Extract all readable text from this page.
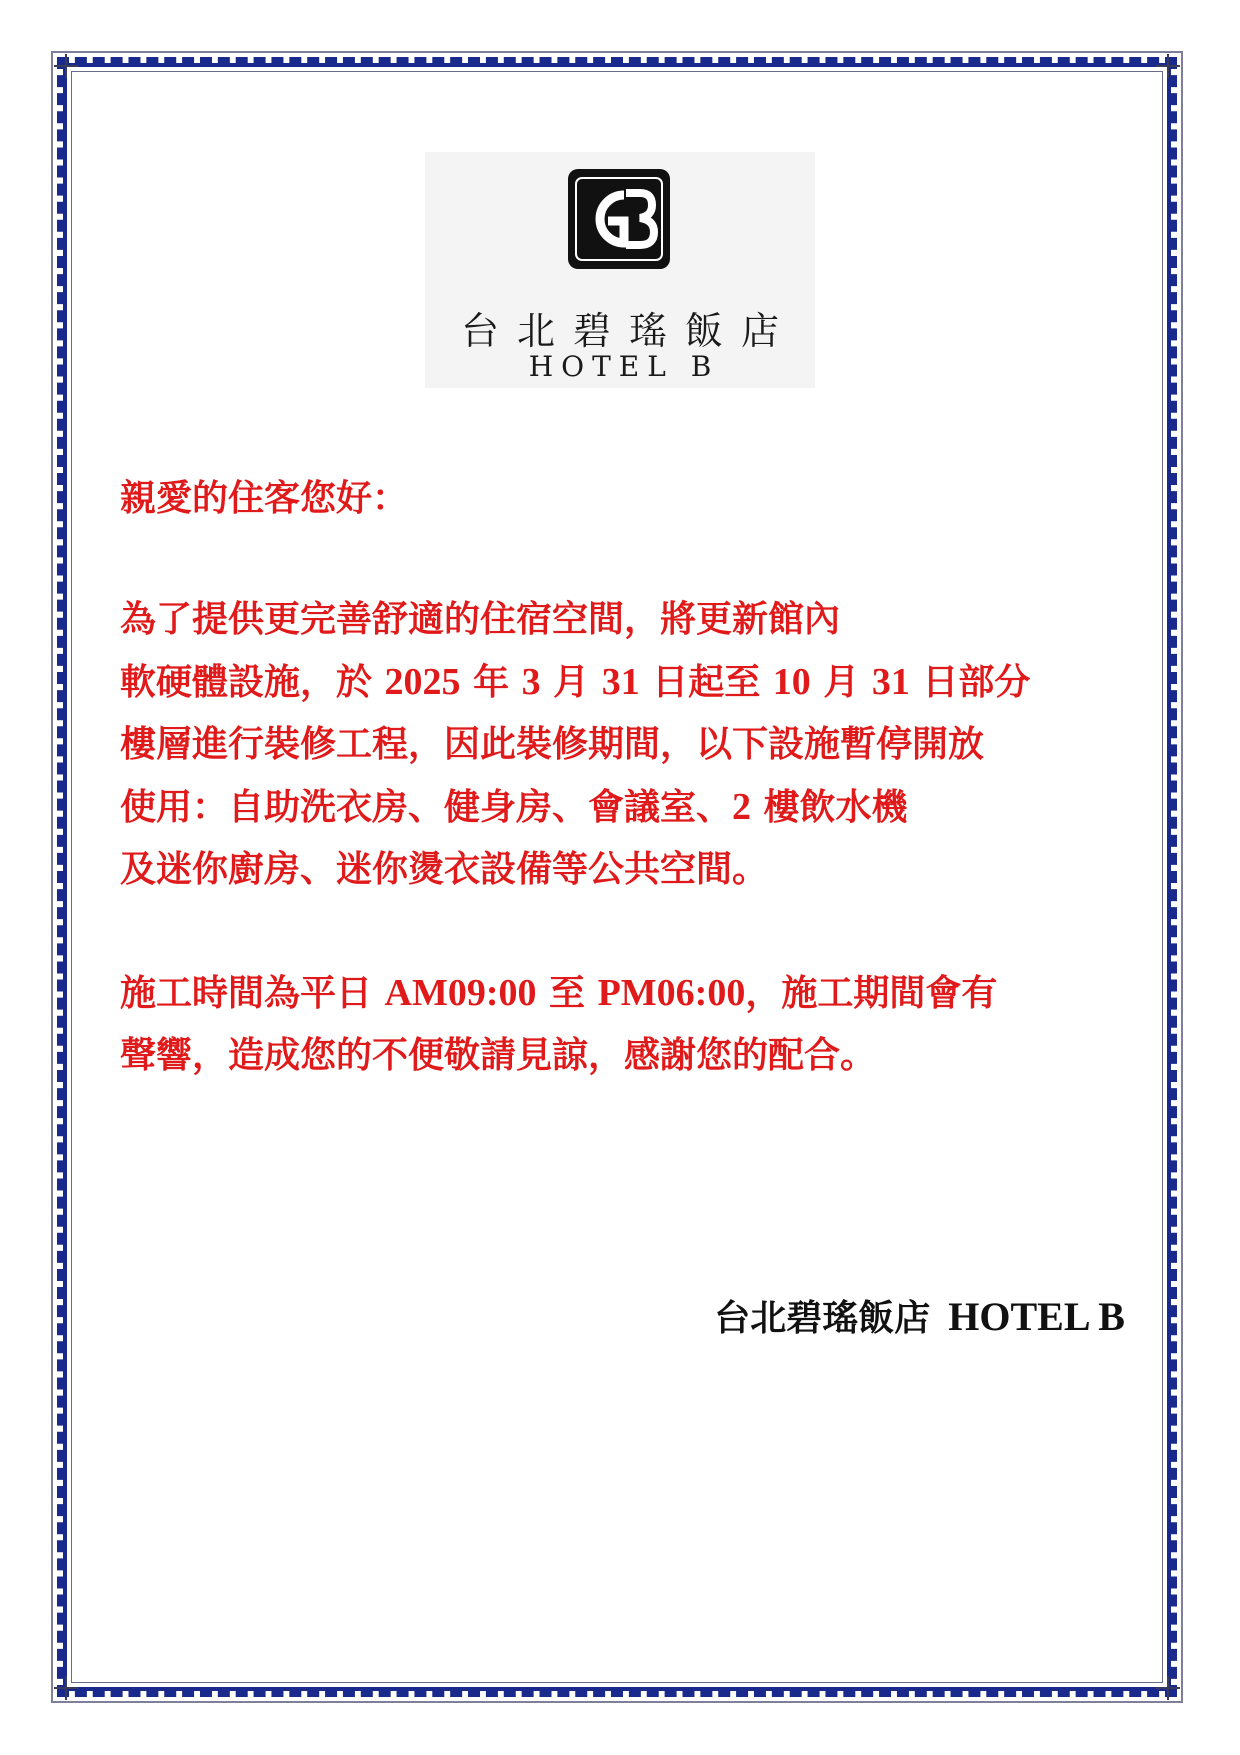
台北碧瑤飯店
HOTEL B
親愛的住客您好：
為了提供更完善舒適的住宿空間，將更新館內
軟硬體設施，於 2025 年 3 月 31 日起至 10 月 31 日部分
樓層進行裝修工程，因此裝修期間，以下設施暫停開放
使用：自助洗衣房、健身房、會議室、2 樓飲水機
及迷你廚房、迷你燙衣設備等公共空間。
施工時間為平日 AM09:00 至 PM06:00，施工期間會有
聲響，造成您的不便敬請見諒，感謝您的配合。
台北碧瑤飯店 HOTEL B
